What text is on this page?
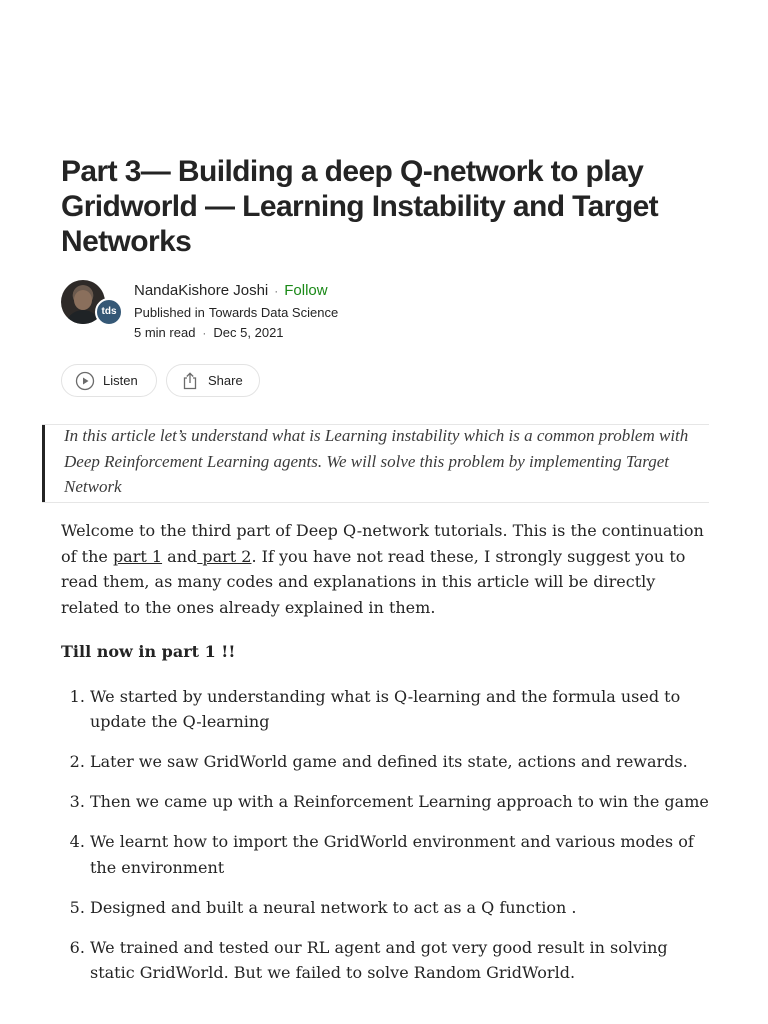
Part 3— Building a deep Q-network to play Gridworld — Learning Instability and Target Networks
tds
NandaKishore Joshi · Follow
Published in Towards Data Science
5 min read · Dec 5, 2021
Listen	Share

In this article let’s understand what is Learning instability which is a common problem with Deep Reinforcement Learning agents. We will solve this problem by implementing Target Network

Welcome to the third part of Deep Q-network tutorials. This is the continuation of the part 1 and part 2. If you have not read these, I strongly suggest you to read them, as many codes and explanations in this article will be directly related to the ones already explained in them.

Till now in part 1 !!

1. We started by understanding what is Q-learning and the formula used to update the Q-learning
2. Later we saw GridWorld game and defined its state, actions and rewards.
3. Then we came up with a Reinforcement Learning approach to win the game
4. We learnt how to import the GridWorld environment and various modes of the environment
5. Designed and built a neural network to act as a Q function .
6. We trained and tested our RL agent and got very good result in solving static GridWorld. But we failed to solve Random GridWorld.
